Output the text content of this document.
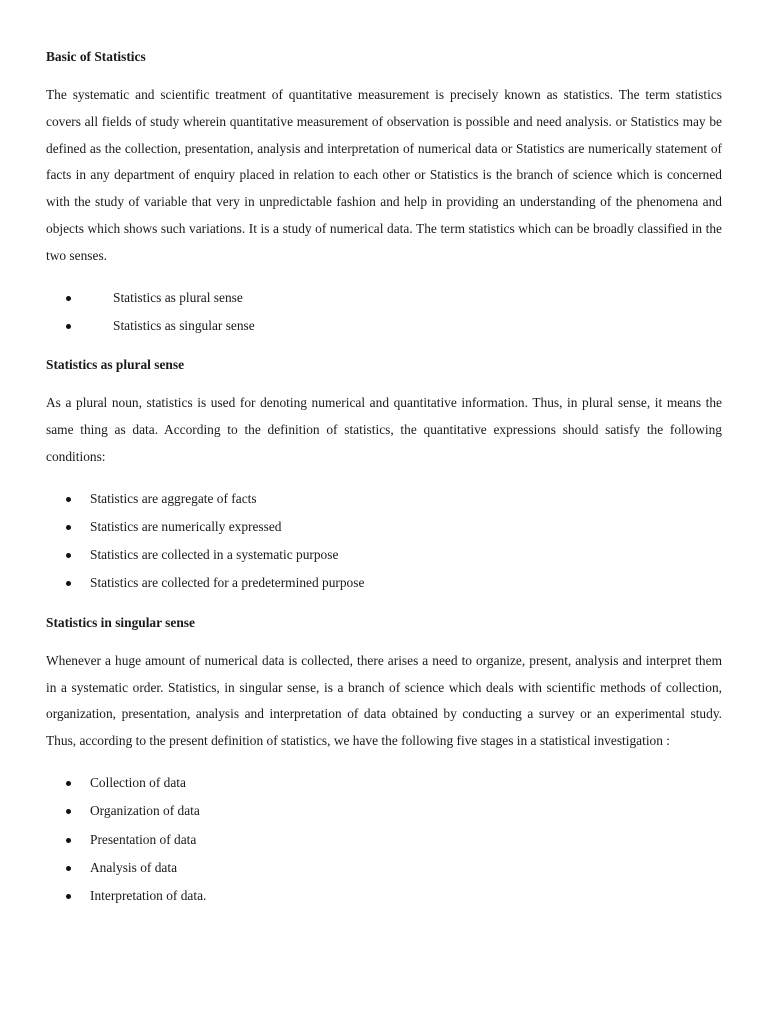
Basic of Statistics

The systematic and scientific treatment of quantitative measurement is precisely known as statistics. The term statistics covers all fields of study wherein quantitative measurement of observation is possible and need analysis. or Statistics may be defined as the collection, presentation, analysis and interpretation of numerical data or Statistics are numerically statement of facts in any department of enquiry placed in relation to each other or Statistics is the branch of science which is concerned with the study of variable that very in unpredictable fashion and help in providing an understanding of the phenomena and objects which shows such variations. It is a study of numerical data. The term statistics which can be broadly classified in the two senses.

Statistics as plural sense
Statistics as singular sense
Statistics as plural sense

As a plural noun, statistics is used for denoting numerical and quantitative information. Thus, in plural sense, it means the same thing as data. According to the definition of statistics, the quantitative expressions should satisfy the following conditions:

Statistics are aggregate of facts
Statistics are numerically expressed
Statistics are collected in a systematic purpose
Statistics are collected for a predetermined purpose
Statistics in singular sense

Whenever a huge amount of numerical data is collected, there arises a need to organize, present, analysis and interpret them in a systematic order. Statistics, in singular sense, is a branch of science which deals with scientific methods of collection, organization, presentation, analysis and interpretation of data obtained by conducting a survey or an experimental study. Thus, according to the present definition of statistics, we have the following five stages in a statistical investigation :

Collection of data
Organization of data
Presentation of data
Analysis of data
Interpretation of data.
